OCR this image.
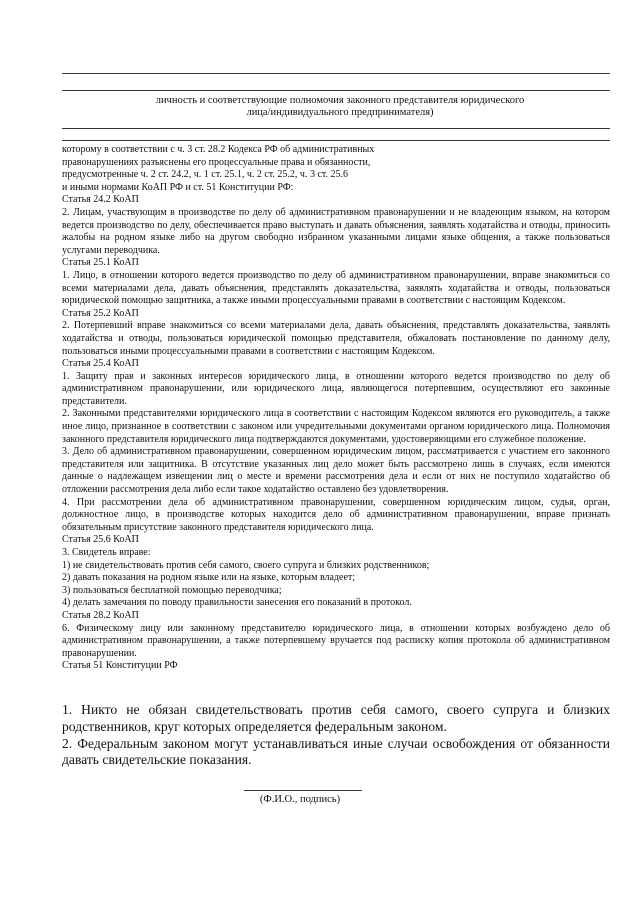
личность и соответствующие полномочия законного представителя юридического
лица/индивидуального предпринимателя)

которому в соответствии с ч. 3 ст. 28.2 Кодекса РФ об административных

правонарушениях разъяснены его процессуальные права и обязанности,

предусмотренные ч. 2 ст. 24.2, ч. 1 ст. 25.1, ч. 2 ст. 25.2, ч. 3 ст. 25.6

и иными нормами КоАП РФ и ст. 51 Конституции РФ:

Статья 24.2 КоАП

2. Лицам, участвующим в производстве по делу об административном правонарушении и не владеющим языком, на котором ведется производство по делу, обеспечивается право выступать и давать объяснения, заявлять ходатайства и отводы, приносить жалобы на родном языке либо на другом свободно избранном указанными лицами языке общения, а также пользоваться услугами переводчика.

Статья 25.1 КоАП

1. Лицо, в отношении которого ведется производство по делу об административном правонарушении, вправе знакомиться со всеми материалами дела, давать объяснения, представлять доказательства, заявлять ходатайства и отводы, пользоваться юридической помощью защитника, а также иными процессуальными правами в соответствии с настоящим Кодексом.

Статья 25.2 КоАП

2. Потерпевший вправе знакомиться со всеми материалами дела, давать объяснения, представлять доказательства, заявлять ходатайства и отводы, пользоваться юридической помощью представителя, обжаловать постановление по данному делу, пользоваться иными процессуальными правами в соответствии с настоящим Кодексом.

Статья 25.4 КоАП

1. Защиту прав и законных интересов юридического лица, в отношении которого ведется производство по делу об административном правонарушении, или юридического лица, являющегося потерпевшим, осуществляют его законные представители.

2. Законными представителями юридического лица в соответствии с настоящим Кодексом являются его руководитель, а также иное лицо, признанное в соответствии с законом или учредительными документами органом юридического лица. Полномочия законного представителя юридического лица подтверждаются документами, удостоверяющими его служебное положение.

3. Дело об административном правонарушении, совершенном юридическим лицом, рассматривается с участием его законного представителя или защитника. В отсутствие указанных лиц дело может быть рассмотрено лишь в случаях, если имеются данные о надлежащем извещении лиц о месте и времени рассмотрения дела и если от них не поступило ходатайство об отложении рассмотрения дела либо если такое ходатайство оставлено без удовлетворения.

4. При рассмотрении дела об административном правонарушении, совершенном юридическим лицом, судья, орган, должностное лицо, в производстве которых находится дело об административном правонарушении, вправе признать обязательным присутствие законного представителя юридического лица.

Статья 25.6 КоАП

3. Свидетель вправе:

1) не свидетельствовать против себя самого, своего супруга и близких родственников;

2) давать показания на родном языке или на языке, которым владеет;

3) пользоваться бесплатной помощью переводчика;

4) делать замечания по поводу правильности занесения его показаний в протокол.

Статья 28.2 КоАП

6. Физическому лицу или законному представителю юридического лица, в отношении которых возбуждено дело об административном правонарушении, а также потерпевшему вручается под расписку копия протокола об административном правонарушении.

Статья 51 Конституции РФ

1. Никто не обязан свидетельствовать против себя самого, своего супруга и близких родственников, круг которых определяется федеральным законом.

2. Федеральным законом могут устанавливаться иные случаи освобождения от обязанности давать свидетельские показания.

(Ф.И.О., подпись)
